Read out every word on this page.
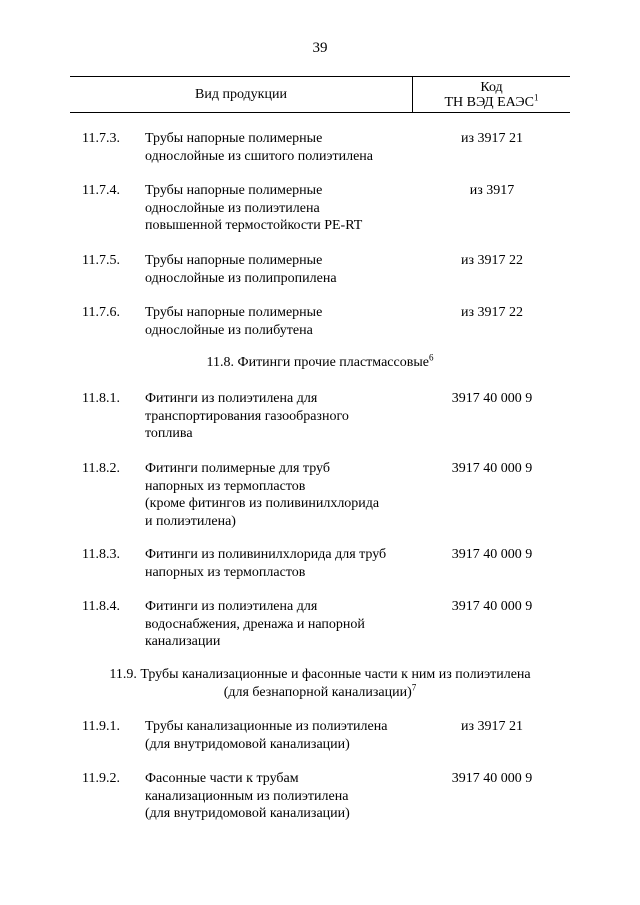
39
Вид продукции	Код
ТН ВЭД ЕАЭС$^1$
11.7.3. Трубы напорные полимерные
однослойные из сшитого полиэтилена
из 3917 21
11.7.4. Трубы напорные полимерные
однослойные из полиэтилена
повышенной термостойкости PE-RT
из 3917
11.7.5. Трубы напорные полимерные
однослойные из полипропилена
из 3917 22
11.7.6. Трубы напорные полимерные
однослойные из полибутена
из 3917 22
11.8. Фитинги прочие пластмассовые$^6$
11.8.1. Фитинги из полиэтилена для
транспортирования газообразного
топлива
3917 40 000 9
11.8.2. Фитинги полимерные для труб
напорных из термопластов
(кроме фитингов из поливинилхлорида
и полиэтилена)
3917 40 000 9
11.8.3. Фитинги из поливинилхлорида для труб
напорных из термопластов
3917 40 000 9
11.8.4. Фитинги из полиэтилена для
водоснабжения, дренажа и напорной
канализации
3917 40 000 9
11.9. Трубы канализационные и фасонные части к ним из полиэтилена
(для безнапорной канализации)$^7$
11.9.1. Трубы канализационные из полиэтилена
(для внутридомовой канализации)
из 3917 21
11.9.2. Фасонные части к трубам
канализационным из полиэтилена
(для внутридомовой канализации)
3917 40 000 9
